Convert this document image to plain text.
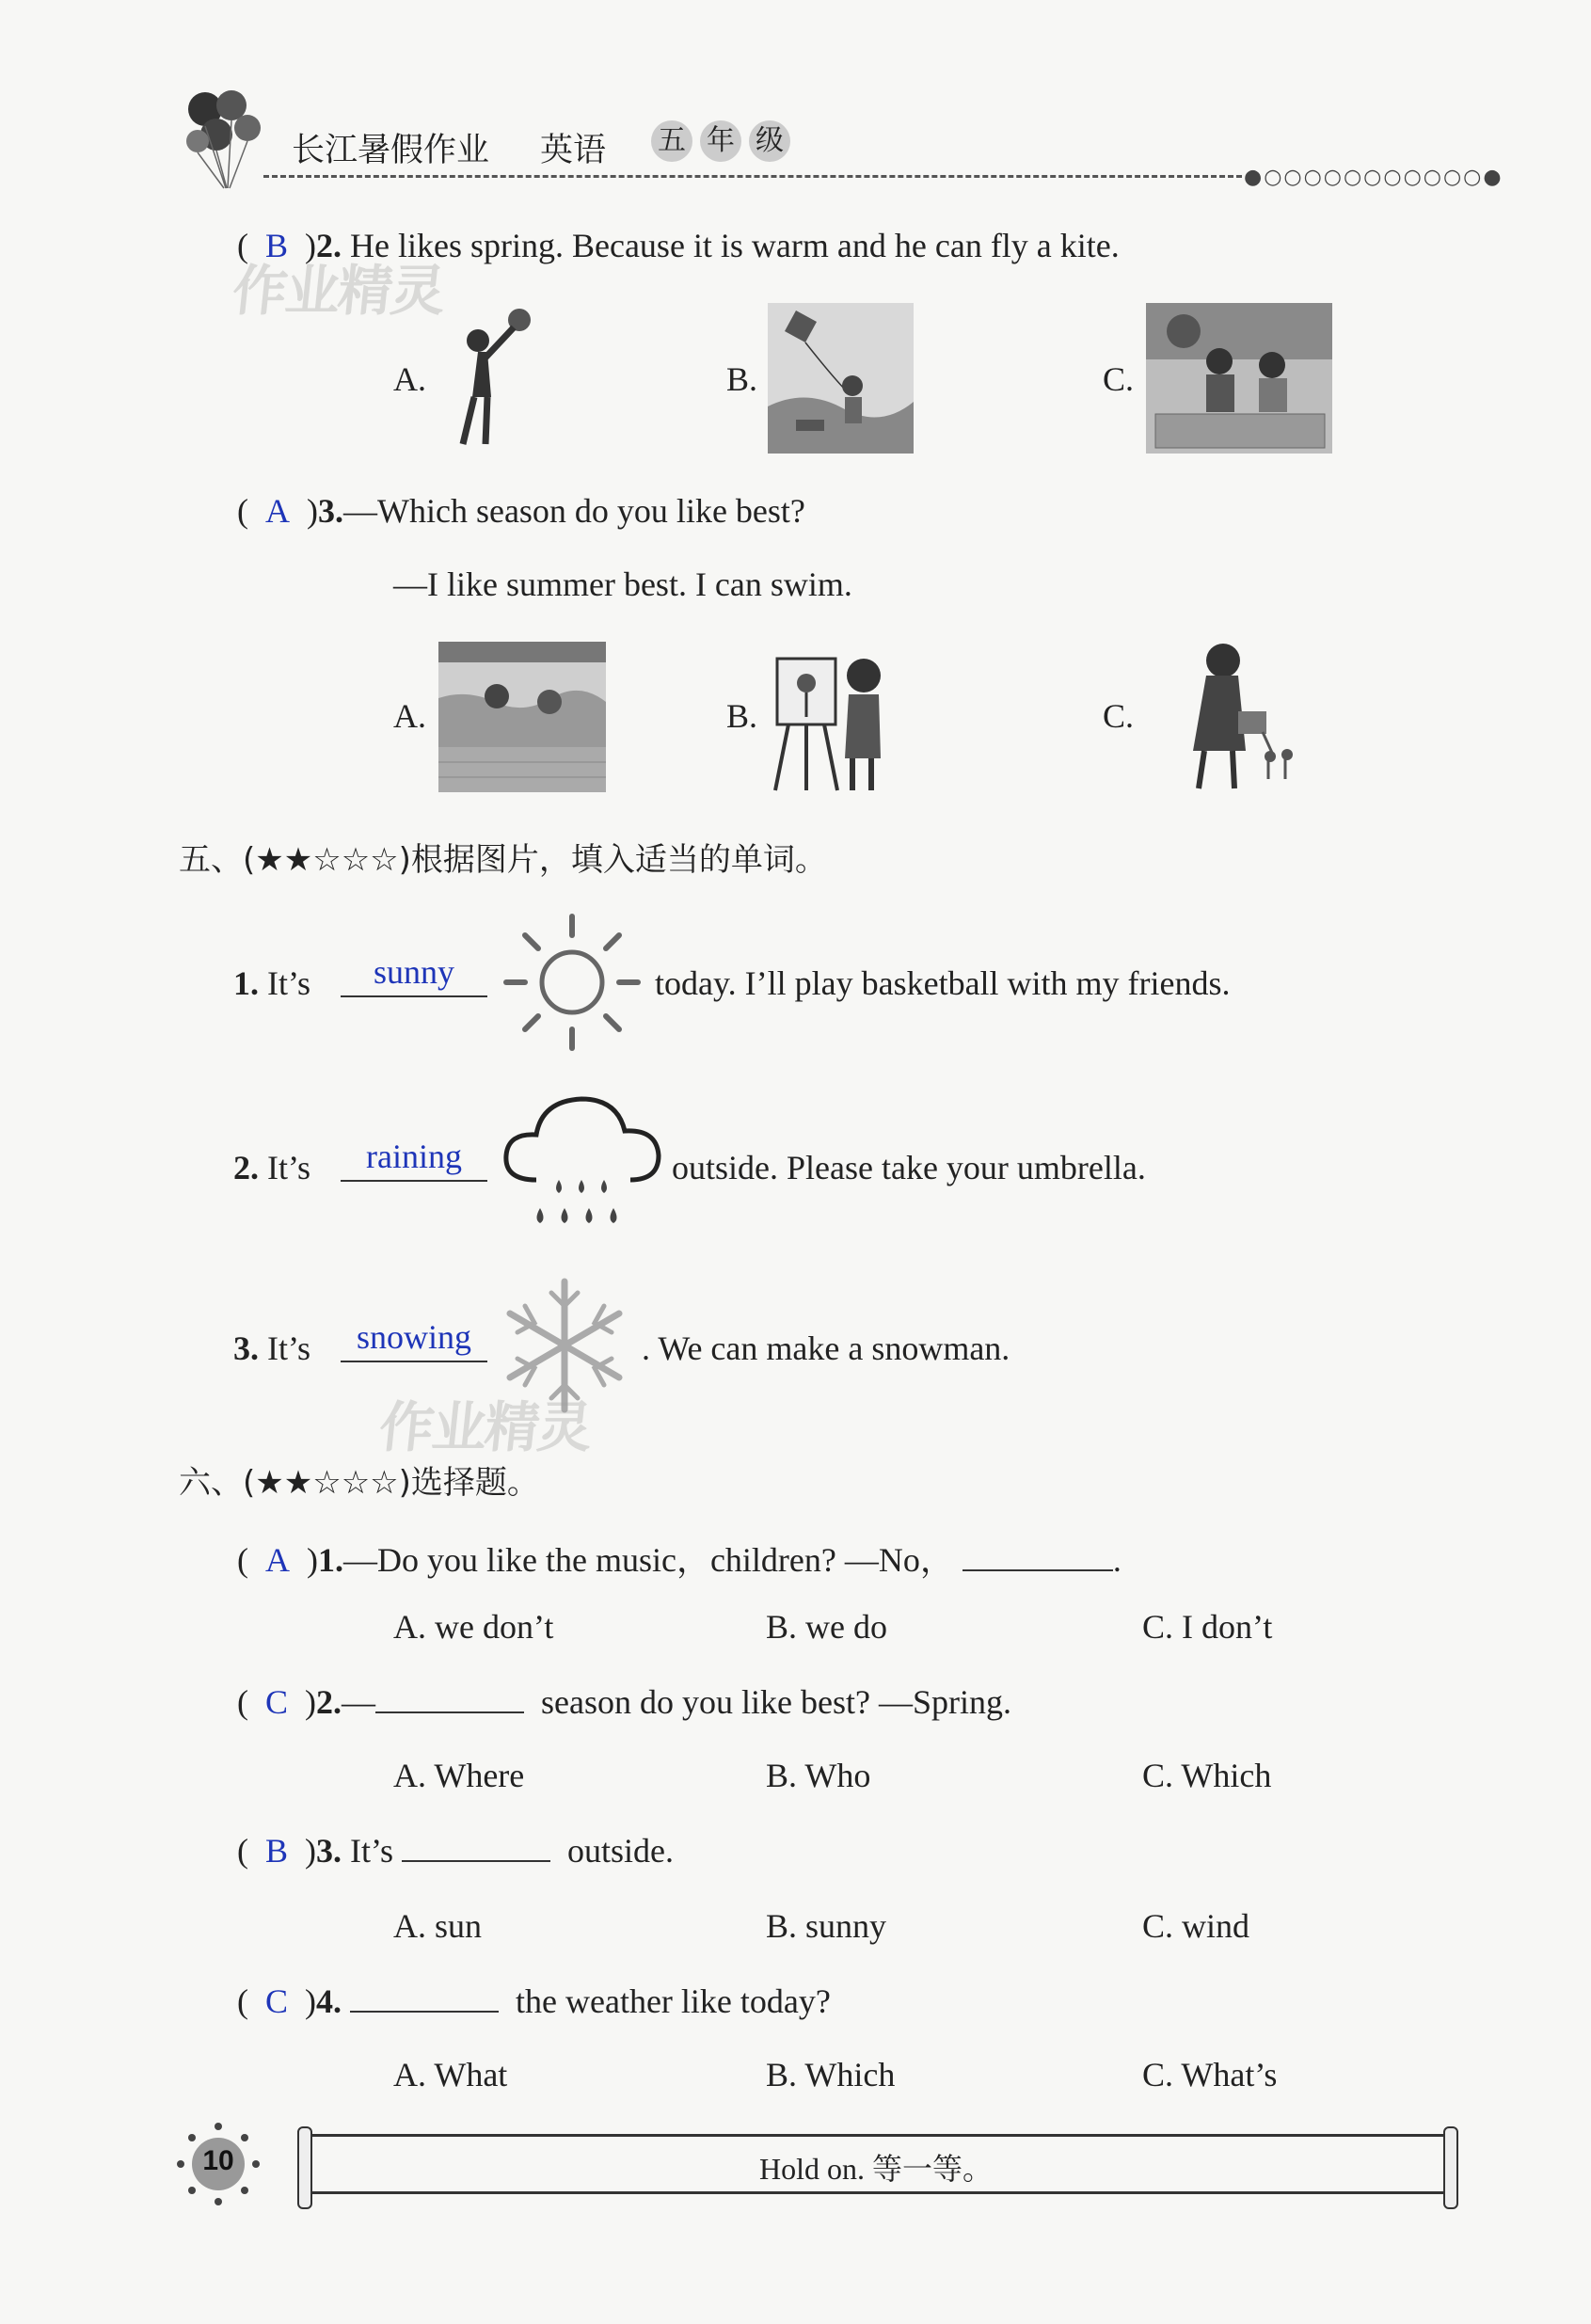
长江暑假作业 英语 五 年 级
●○○○○○○○○○○○●
(  B  )2. He likes spring. Because it is warm and he can fly a kite.
A.	B.	C.
(  A  )3.—Which season do you like best?
—I like summer best. I can swim.
A.	B.	C.
五、(★★☆☆☆)根据图片，填入适当的单词。
1. It’s	sunny	today. I’ll play basketball with my friends.
2. It’s	raining	outside. Please take your umbrella.
3. It’s	snowing	. We can make a snowman.
六、(★★☆☆☆)选择题。
(  A  )1.—Do you like the music，children? —No，	.
A. we don’t	B. we do	C. I don’t
(  C  )2.—	season do you like best? —Spring.
A. Where	B. Who	C. Which
(  B  )3. It’s	outside.
A. sun	B. sunny	C. wind
(  C  )4.	the weather like today?
A. What	B. Which	C. What’s
作业精灵
作业精灵
10	Hold on. 等一等。
